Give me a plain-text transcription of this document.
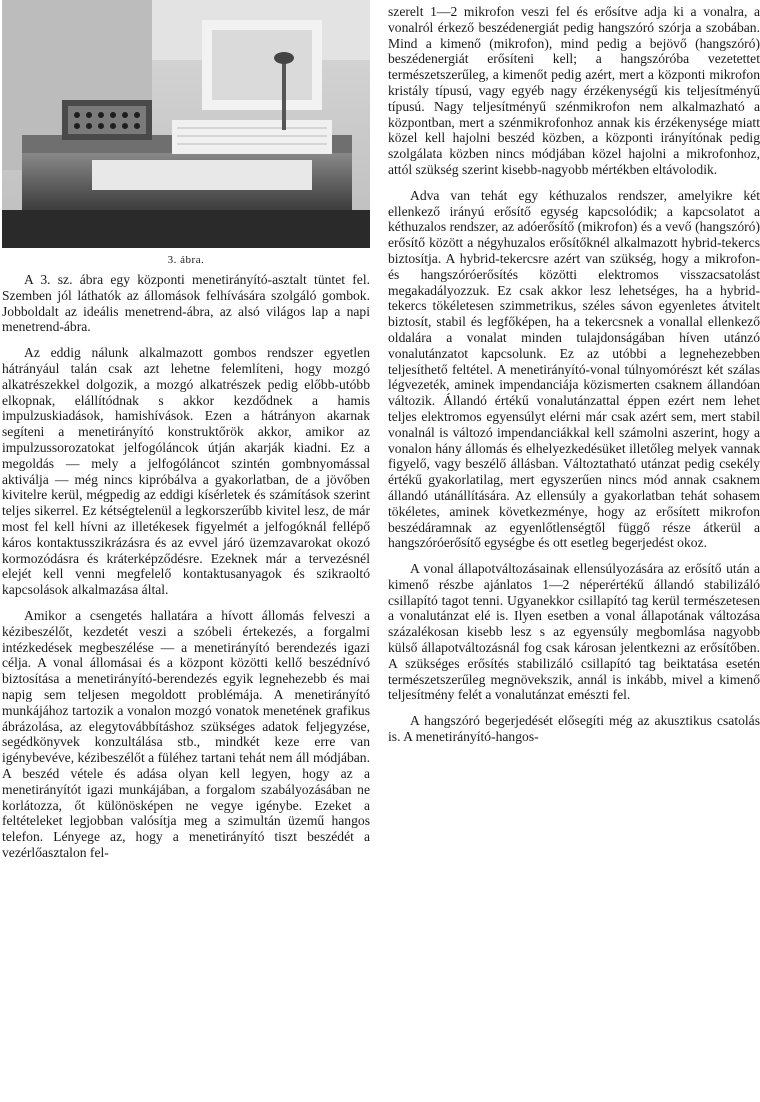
3. ábra.

A 3. sz. ábra egy központi menetirányító-asztalt tüntet fel. Szemben jól láthatók az állomások felhívására szolgáló gombok. Jobboldalt az ideális menetrend-ábra, az alsó világos lap a napi menetrend-ábra.

Az eddig nálunk alkalmazott gombos rendszer egyetlen hátrányául talán csak azt lehetne felemlíteni, hogy mozgó alkatrészekkel dolgozik, a mozgó alkatrészek pedig előbb-utóbb elkopnak, elállítódnak s akkor kezdődnek a hamis impulzuskiadások, hamishívások. Ezen a hátrányon akarnak segíteni a menetirányító konstruktőrök akkor, amikor az impulzussorozatokat jelfogóláncok útján akarják kiadni. Ez a megoldás — mely a jelfogóláncot szintén gombnyomással aktiválja — még nincs kipróbálva a gyakorlatban, de a jövőben kivitelre kerül, mégpedig az eddigi kísérletek és számítások szerint teljes sikerrel. Ez kétségtelenül a legkorszerűbb kivitel lesz, de már most fel kell hívni az illetékesek figyelmét a jelfogóknál fellépő káros kontaktusszikrázásra és az evvel járó üzemzavarokat okozó kormozódásra és kráterképződésre. Ezeknek már a tervezésnél elejét kell venni megfelelő kontaktusanyagok és szikraoltó kapcsolások alkalmazása által.

Amikor a csengetés hallatára a hívott állomás felveszi a kézibeszélőt, kezdetét veszi a szóbeli értekezés, a forgalmi intézkedések megbeszélése — a menetirányító berendezés igazi célja. A vonal állomásai és a központ közötti kellő beszédnívó biztosítása a menetirányító-berendezés egyik legnehezebb és mai napig sem teljesen megoldott problémája. A menetirányító munkájához tartozik a vonalon mozgó vonatok menetének grafikus ábrázolása, az elegytovábbításhoz szükséges adatok feljegyzése, segédkönyvek konzultálása stb., mindkét keze erre van igénybevéve, kézibeszélőt a füléhez tartani tehát nem áll módjában. A beszéd vétele és adása olyan kell legyen, hogy az a menetirányítót igazi munkájában, a forgalom szabályozásában ne korlátozza, őt különösképen ne vegye igénybe. Ezeket a feltételeket legjobban valósítja meg a szimultán üzemű hangos telefon. Lényege az, hogy a menetirányító tiszt beszédét a vezérlőasztalon fel-

szerelt 1—2 mikrofon veszi fel és erősítve adja ki a vonalra, a vonalról érkező beszédenergiát pedig hangszóró szórja a szobában. Mind a kimenő (mikrofon), mind pedig a bejövő (hangszóró) beszédenergiát erősíteni kell; a hangszóróba vezetettet természetszerűleg, a kimenőt pedig azért, mert a központi mikrofon kristály típusú, vagy egyéb nagy érzékenységű kis teljesítményű típusú. Nagy teljesítményű szénmikrofon nem alkalmazható a központban, mert a szénmikrofonhoz annak kis érzékenysége miatt közel kell hajolni beszéd közben, a központi irányítónak pedig szolgálata közben nincs módjában közel hajolni a mikrofonhoz, attól szükség szerint kisebb-nagyobb mértékben eltávolodik.

Adva van tehát egy kéthuzalos rendszer, amelyikre két ellenkező irányú erősítő egység kapcsolódik; a kapcsolatot a kéthuzalos rendszer, az adóerősítő (mikrofon) és a vevő (hangszóró) erősítő között a négyhuzalos erősítőknél alkalmazott hybrid-tekercs biztosítja. A hybrid-tekercsre azért van szükség, hogy a mikrofon- és hangszóróerősítés közötti elektromos visszacsatolást megakadályozzuk. Ez csak akkor lesz lehetséges, ha a hybrid-tekercs tökéletesen szimmetrikus, széles sávon egyenletes átvitelt biztosít, stabil és legfőképen, ha a tekercsnek a vonallal ellenkező oldalára a vonalat minden tulajdonságában híven utánzó vonalutánzatot kapcsolunk. Ez az utóbbi a legnehezebben teljesíthető feltétel. A menetirányító-vonal túlnyomórészt két szálas légvezeték, aminek impendanciája közismerten csaknem állandóan változik. Állandó értékű vonalutánzattal éppen ezért nem lehet teljes elektromos egyensúlyt elérni már csak azért sem, mert stabil vonalnál is változó impendanciákkal kell számolni aszerint, hogy a vonalon hány állomás és elhelyezkedésüket illetőleg melyek vannak figyelő, vagy beszélő állásban. Változtatható utánzat pedig csekély értékű gyakorlatilag, mert egyszerűen nincs mód annak csaknem állandó utánállítására. Az ellensúly a gyakorlatban tehát sohasem tökéletes, aminek következménye, hogy az erősített mikrofon beszédáramnak az egyenlőtlenségtől függő része átkerül a hangszóróerősítő egységbe és ott esetleg begerjedést okoz.

A vonal állapotváltozásainak ellensúlyozására az erősítő után a kimenő részbe ajánlatos 1—2 néperértékű állandó stabilizáló csillapító tagot tenni. Ugyanekkor csillapító tag kerül természetesen a vonalutánzat elé is. Ilyen esetben a vonal állapotának változása százalékosan kisebb lesz s az egyensúly megbomlása nagyobb külső állapotváltozásnál fog csak károsan jelentkezni az erősítőben. A szükséges erősítés stabilizáló csillapító tag beiktatása esetén természetszerűleg megnövekszik, annál is inkább, mivel a kimenő teljesítmény felét a vonalutánzat emészti fel.

A hangszóró begerjedését elősegíti még az akusztikus csatolás is. A menetirányító-hangos-
